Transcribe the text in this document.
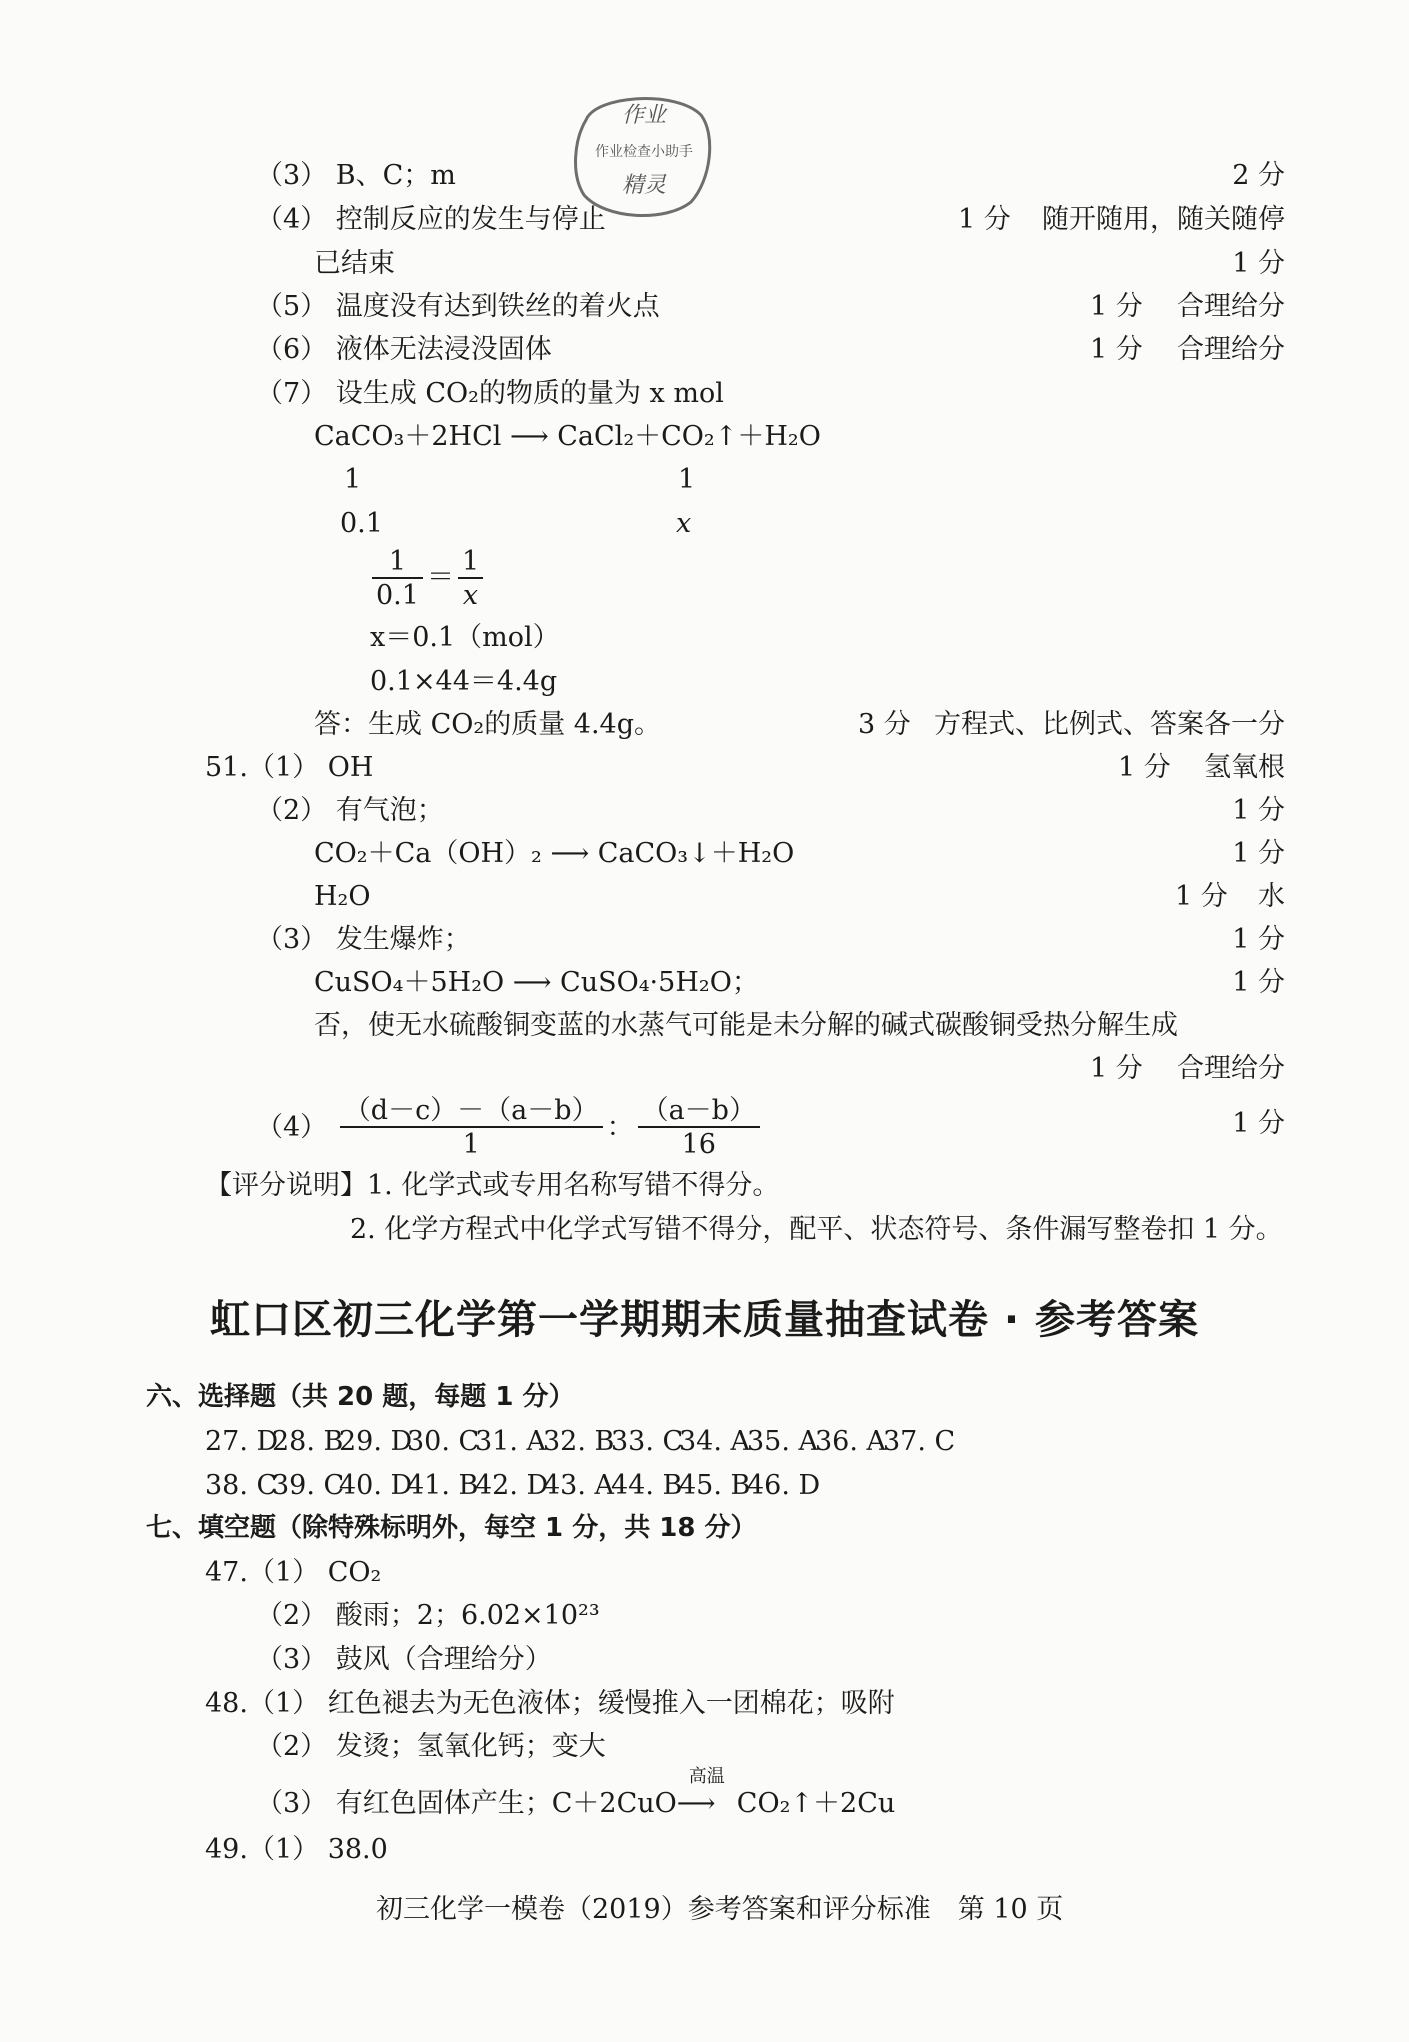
作业
作业检查小助手
精灵
（3） B、C；m	2 分
（4） 控制反应的发生与停止	1 分 随开随用，随关随停
已结束	1 分
（5） 温度没有达到铁丝的着火点	1 分 合理给分
（6） 液体无法浸没固体	1 分 合理给分
（7） 设生成 CO₂的物质的量为 x mol
CaCO₃＋2HCl ⟶ CaCl₂＋CO₂↑＋H₂O
1	1
0.1	x
$\frac{1}{0.1} = \frac{1}{x}$
x＝0.1（mol）
0.1×44＝4.4g
答：生成 CO₂的质量 4.4g。	3 分 方程式、比例式、答案各一分
51.（1） OH	1 分 氢氧根
（2） 有气泡；	1 分
CO₂＋Ca（OH）₂ ⟶ CaCO₃↓＋H₂O	1 分
H₂O	1 分 水
（3） 发生爆炸；	1 分
CuSO₄＋5H₂O ⟶ CuSO₄·5H₂O；	1 分
否，使无水硫酸铜变蓝的水蒸气可能是未分解的碱式碳酸铜受热分解生成
1 分 合理给分
$(4) \frac{(d-c)-(a-b)}{1}$ ： $\frac{(a-b)}{16}$	1 分
【评分说明】1. 化学式或专用名称写错不得分。
2. 化学方程式中化学式写错不得分，配平、状态符号、条件漏写整卷扣 1 分。
虹口区初三化学第一学期期末质量抽查试卷 · 参考答案
六、选择题（共 20 题，每题 1 分）
27. D28. B29. D30. C31. A32. B33. C34. A35. A36. A37. C
38. C39. C40. D41. B42. D43. A44. B45. B46. D
七、填空题（除特殊标明外，每空 1 分，共 18 分）
47.（1） CO₂
（2） 酸雨；2；6.02×10²³
（3） 鼓风（合理给分）
48.（1） 红色褪去为无色液体；缓慢推入一团棉花；吸附
（2） 发烫；氢氧化钙；变大
（3） 有红色固体产生；C＋2CuO
高温
⟶ CO₂↑＋2Cu
49.（1） 38.0
初三化学一模卷（2019）参考答案和评分标准　第 10 页
